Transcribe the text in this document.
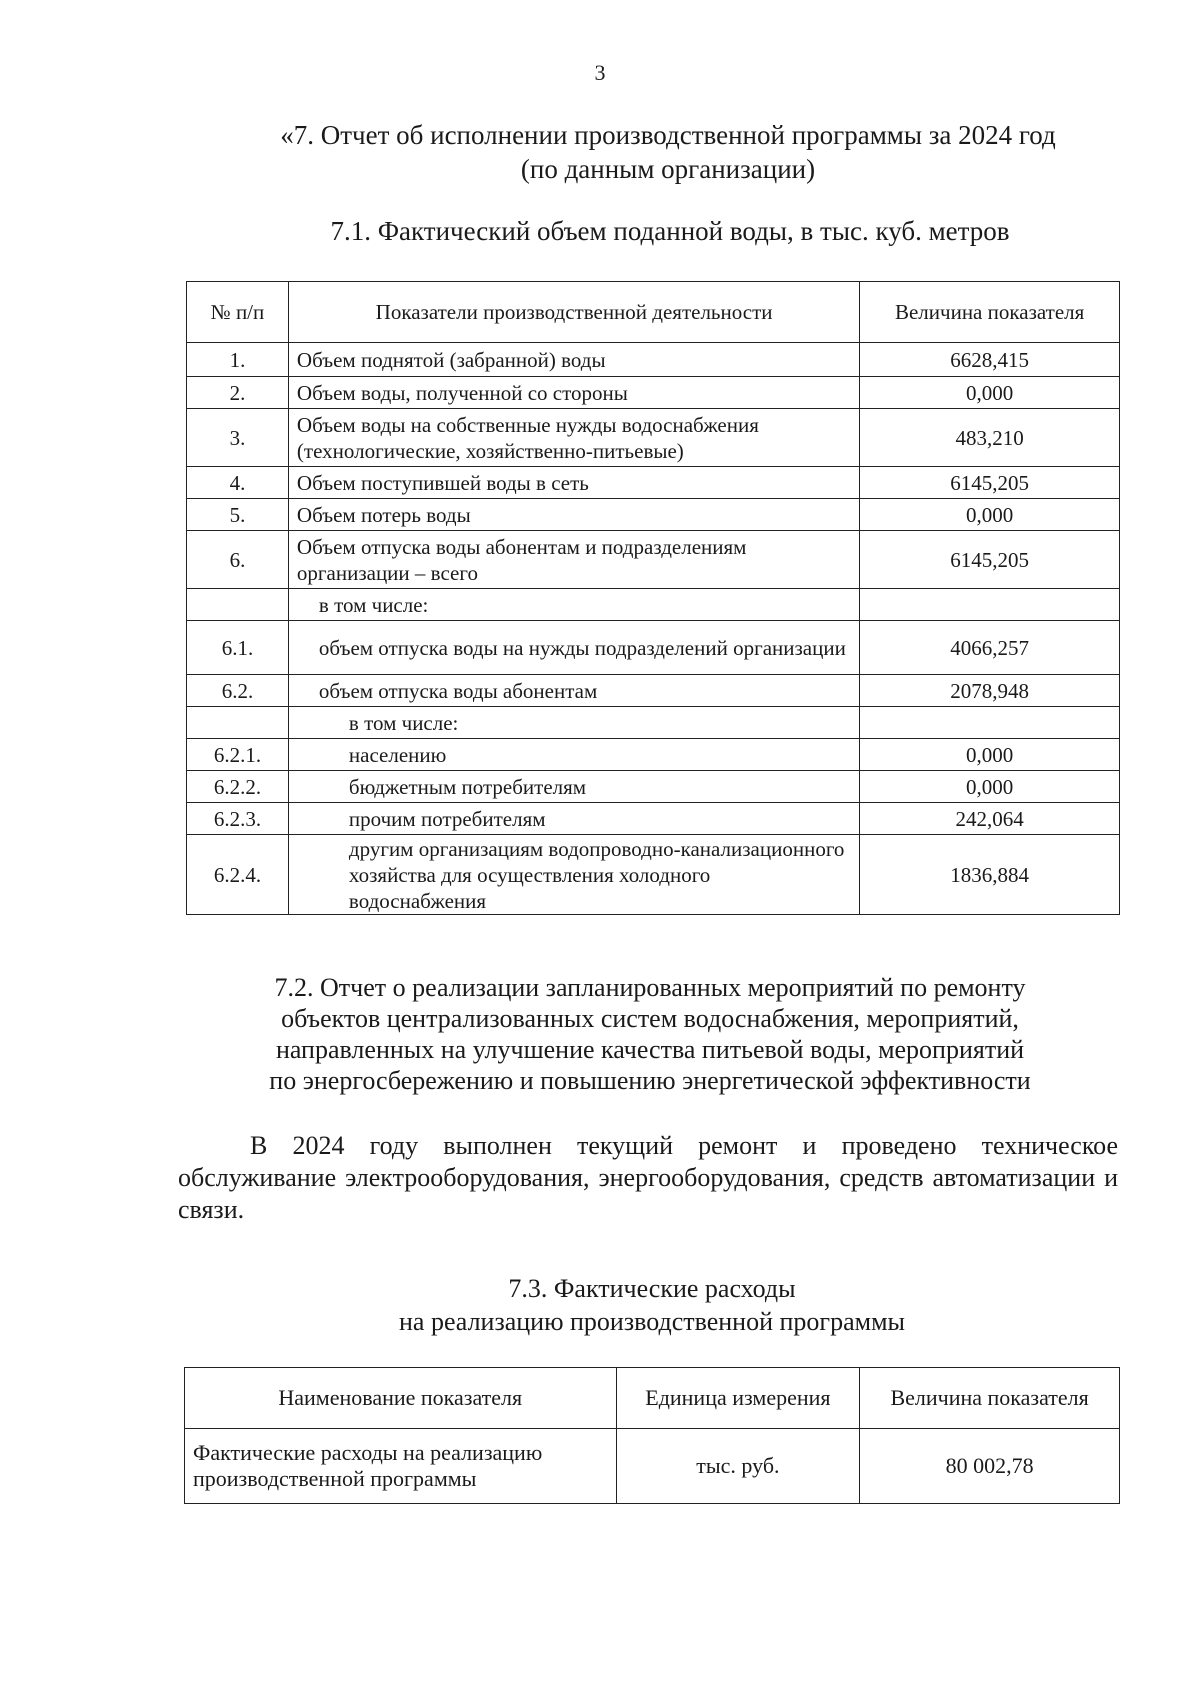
3
«7. Отчет об исполнении производственной программы за 2024 год
(по данным организации)
7.1. Фактический объем поданной воды, в тыс. куб. метров
№ п/п	Показатели производственной деятельности	Величина показателя
1.	Объем поднятой (забранной) воды	6628,415
2.	Объем воды, полученной со стороны	0,000
3.	Объем воды на собственные нужды водоснабжения (технологические, хозяйственно-питьевые)	483,210
4.	Объем поступившей воды в сеть	6145,205
5.	Объем потерь воды	0,000
6.	Объем отпуска воды абонентам и подразделениям организации – всего	6145,205
	в том числе:	
6.1.	объем отпуска воды на нужды подразделений организации	4066,257
6.2.	объем отпуска воды абонентам	2078,948
	в том числе:	
6.2.1.	населению	0,000
6.2.2.	бюджетным потребителям	0,000
6.2.3.	прочим потребителям	242,064
6.2.4.	другим организациям водопроводно-канализационного хозяйства для осуществления холодного водоснабжения	1836,884
7.2. Отчет о реализации запланированных мероприятий по ремонту
объектов централизованных систем водоснабжения, мероприятий,
направленных на улучшение качества питьевой воды, мероприятий
по энергосбережению и повышению энергетической эффективности
В 2024 году выполнен текущий ремонт и проведено техническое обслуживание электрооборудования, энергооборудования, средств автоматизации и связи.
7.3. Фактические расходы
на реализацию производственной программы
Наименование показателя	Единица измерения	Величина показателя
Фактические расходы на реализацию производственной программы	тыс. руб.	80 002,78
